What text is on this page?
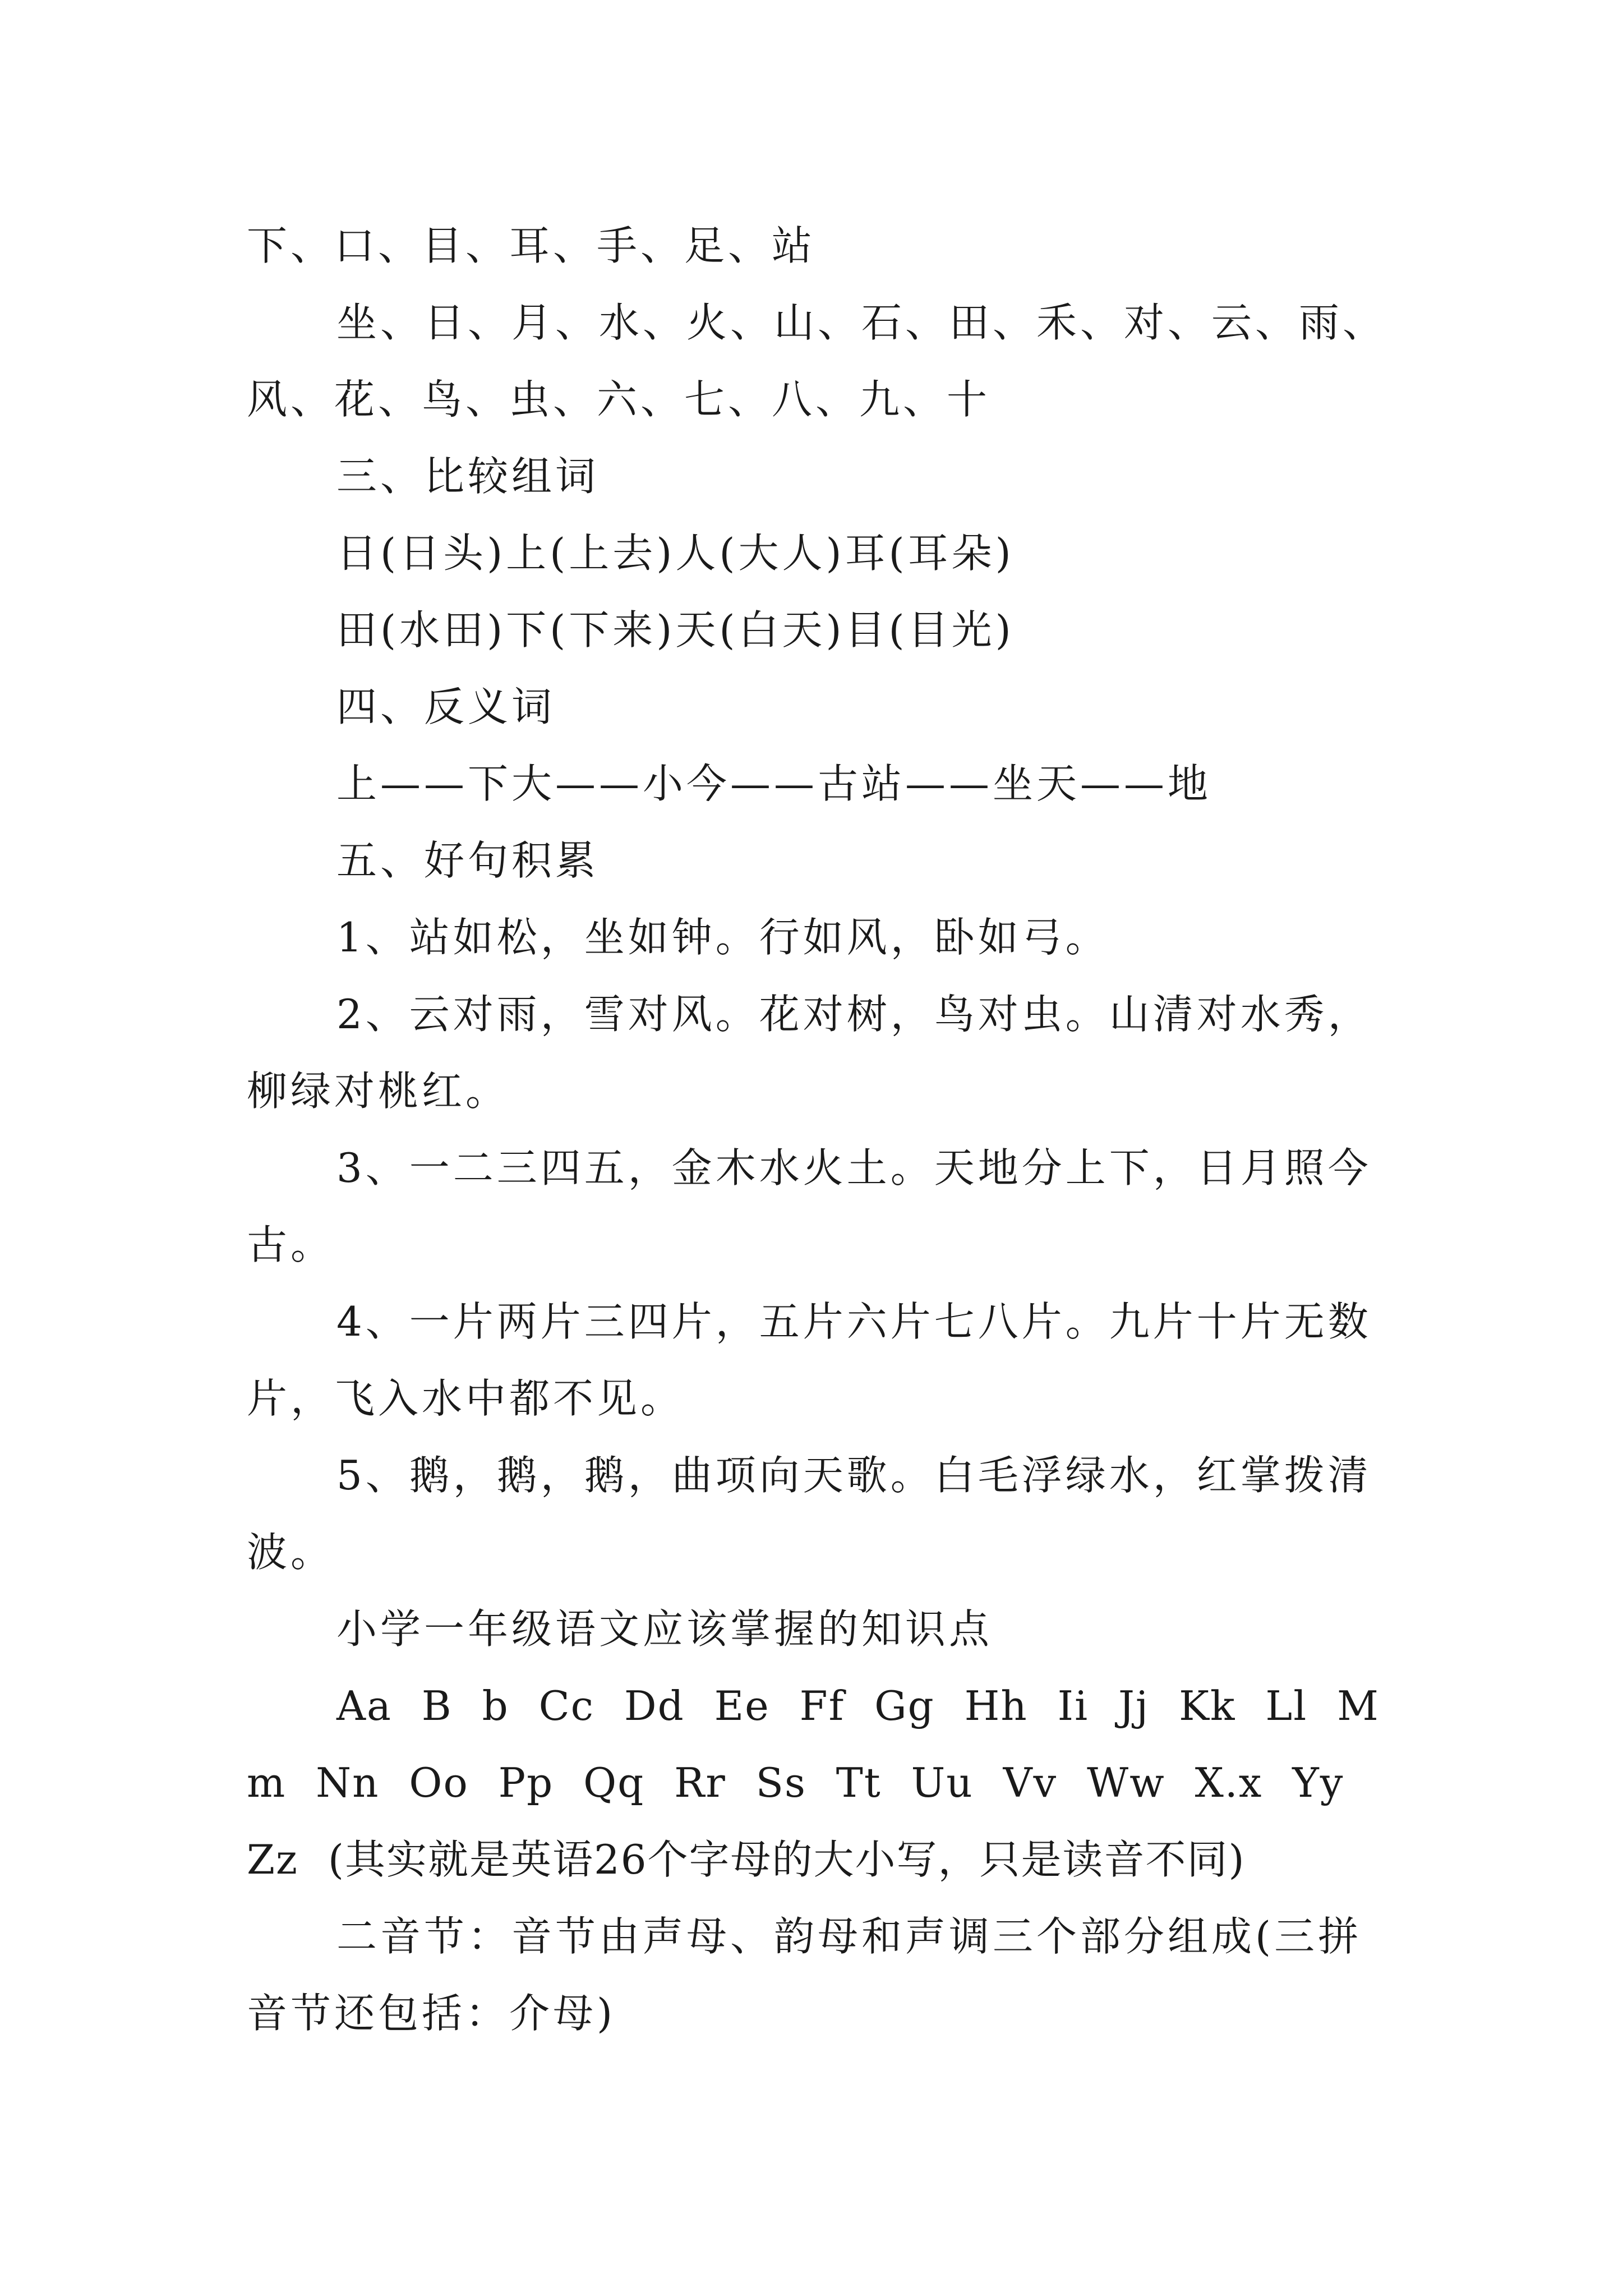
下、口、目、耳、手、足、站

坐、日、月、水、火、山、石、田、禾、对、云、雨、风、花、鸟、虫、六、七、八、九、十

三、比较组词

日(日头)上(上去)人(大人)耳(耳朵)

田(水田)下(下来)天(白天)目(目光)

四、反义词

上——下大——小今——古站——坐天——地

五、好句积累

1、站如松，坐如钟。行如风，卧如弓。

2、云对雨，雪对风。花对树，鸟对虫。山清对水秀，柳绿对桃红。

3、一二三四五，金木水火土。天地分上下，日月照今古。

4、一片两片三四片，五片六片七八片。九片十片无数片，飞入水中都不见。

5、鹅，鹅，鹅，曲项向天歌。白毛浮绿水，红掌拨清波。

小学一年级语文应该掌握的知识点

Aa B b Cc Dd Ee Ff Gg Hh Ii Jj Kk Ll Mm Nn Oo Pp Qq Rr Ss Tt Uu Vv Ww X.x Yy Zz (其实就是英语26个字母的大小写，只是读音不同)

二音节：音节由声母、韵母和声调三个部分组成(三拼音节还包括：介母)
